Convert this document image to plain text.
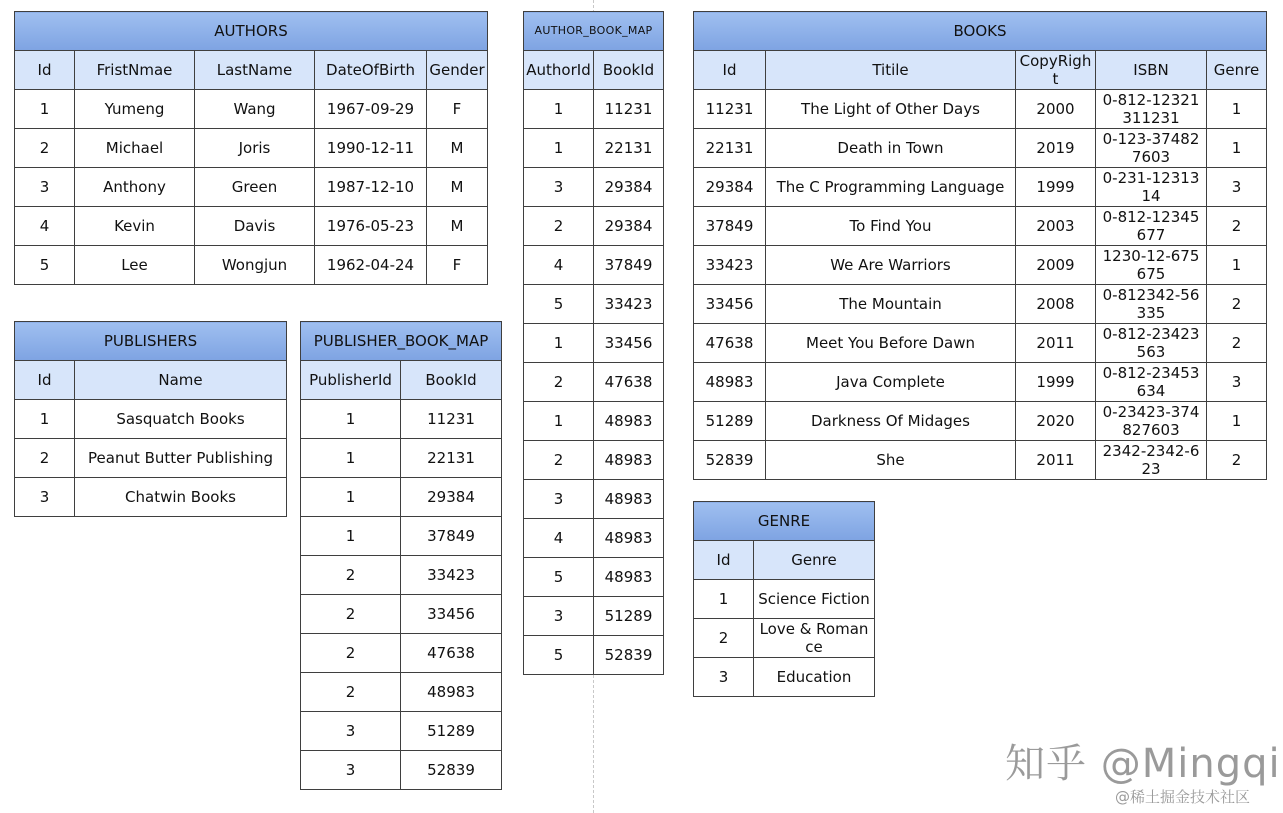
AUTHORS				
Id	FristNmae	LastName	DateOfBirth	Gender
1	Yumeng	Wang	1967-09-29	F
2	Michael	Joris	1990-12-11	M
3	Anthony	Green	1987-12-10	M
4	Kevin	Davis	1976-05-23	M
5	Lee	Wongjun	1962-04-24	F
PUBLISHERS	
Id	Name
1	Sasquatch Books
2	Peanut Butter Publishing
3	Chatwin Books
PUBLISHER_BOOK_MAP	
PublisherId	BookId
1	11231
1	22131
1	29384
1	37849
2	33423
2	33456
2	47638
2	48983
3	51289
3	52839
AUTHOR_BOOK_MAP	
AuthorId	BookId
1	11231
1	22131
3	29384
2	29384
4	37849
5	33423
1	33456
2	47638
1	48983
2	48983
3	48983
4	48983
5	48983
3	51289
5	52839
BOOKS				
Id	Titile	CopyRight	ISBN	Genre
11231	The Light of Other Days	2000	0-812-12321311231	1
22131	Death in Town	2019	0-123-374827603	1
29384	The C Programming Language	1999	0-231-1231314	3
37849	To Find You	2003	0-812-12345677	2
33423	We Are Warriors	2009	1230-12-675675	1
33456	The Mountain	2008	0-812342-56335	2
47638	Meet You Before Dawn	2011	0-812-23423563	2
48983	Java Complete	1999	0-812-23453634	3
51289	Darkness Of Midages	2020	0-23423-374827603	1
52839	She	2011	2342-2342-623	2
GENRE	
Id	Genre
1	Science Fiction
2	Love & Romance
3	Education
知乎 @Mingqi
@稀土掘金技术社区
